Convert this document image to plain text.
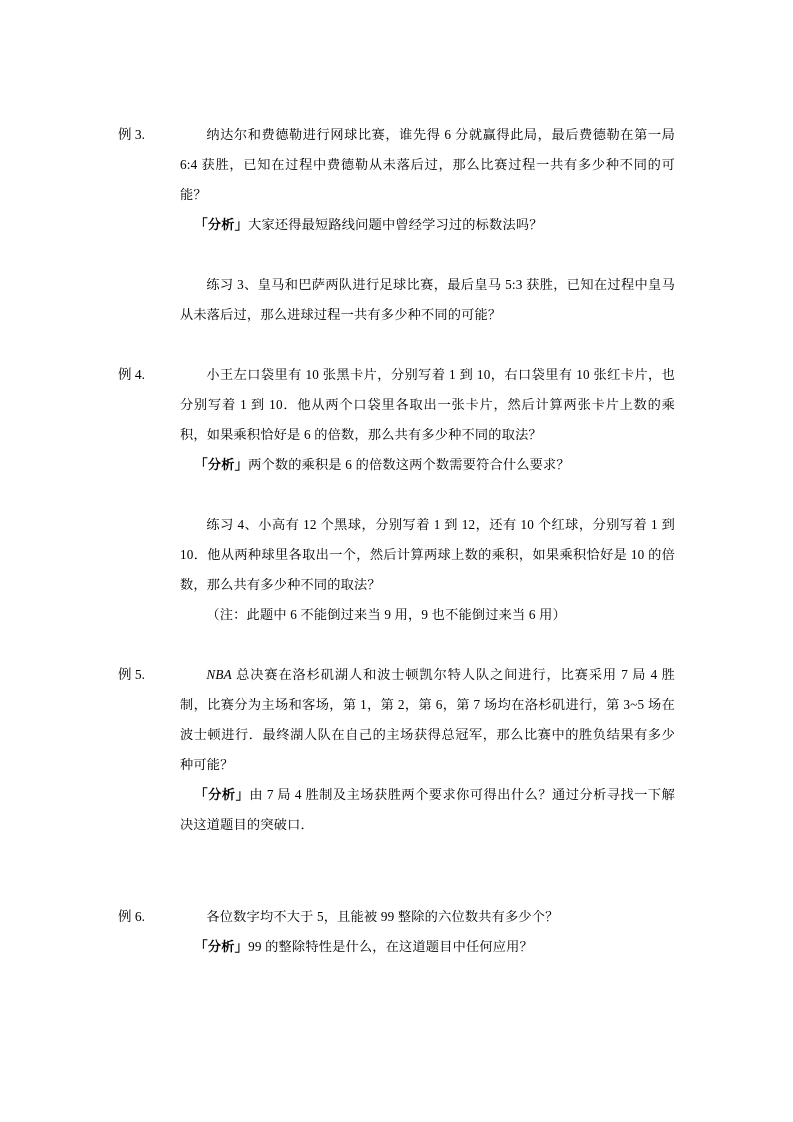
例 3.	纳达尔和费德勒进行网球比赛，谁先得 6 分就赢得此局，最后费德勒在第一局 6:4 获胜，已知在过程中费德勒从未落后过，那么比赛过程一共有多少种不同的可能？

「分析」大家还得最短路线问题中曾经学习过的标数法吗？

练习 3、皇马和巴萨两队进行足球比赛，最后皇马 5:3 获胜，已知在过程中皇马从未落后过，那么进球过程一共有多少种不同的可能？

例 4.	小王左口袋里有 10 张黑卡片，分别写着 1 到 10，右口袋里有 10 张红卡片，也分别写着 1 到 10．他从两个口袋里各取出一张卡片，然后计算两张卡片上数的乘积，如果乘积恰好是 6 的倍数，那么共有多少种不同的取法？

「分析」两个数的乘积是 6 的倍数这两个数需要符合什么要求？

练习 4、小高有 12 个黑球，分别写着 1 到 12，还有 10 个红球，分别写着 1 到 10．他从两种球里各取出一个，然后计算两球上数的乘积，如果乘积恰好是 10 的倍数，那么共有多少种不同的取法？

（注：此题中 6 不能倒过来当 9 用，9 也不能倒过来当 6 用）

例 5.	NBA 总决赛在洛杉矶湖人和波士顿凯尔特人队之间进行，比赛采用 7 局 4 胜制，比赛分为主场和客场，第 1，第 2，第 6，第 7 场均在洛杉矶进行，第 3~5 场在波士顿进行．最终湖人队在自己的主场获得总冠军，那么比赛中的胜负结果有多少种可能？

「分析」由 7 局 4 胜制及主场获胜两个要求你可得出什么？通过分析寻找一下解决这道题目的突破口．

例 6.	各位数字均不大于 5，且能被 99 整除的六位数共有多少个？

「分析」99 的整除特性是什么，在这道题目中任何应用？
